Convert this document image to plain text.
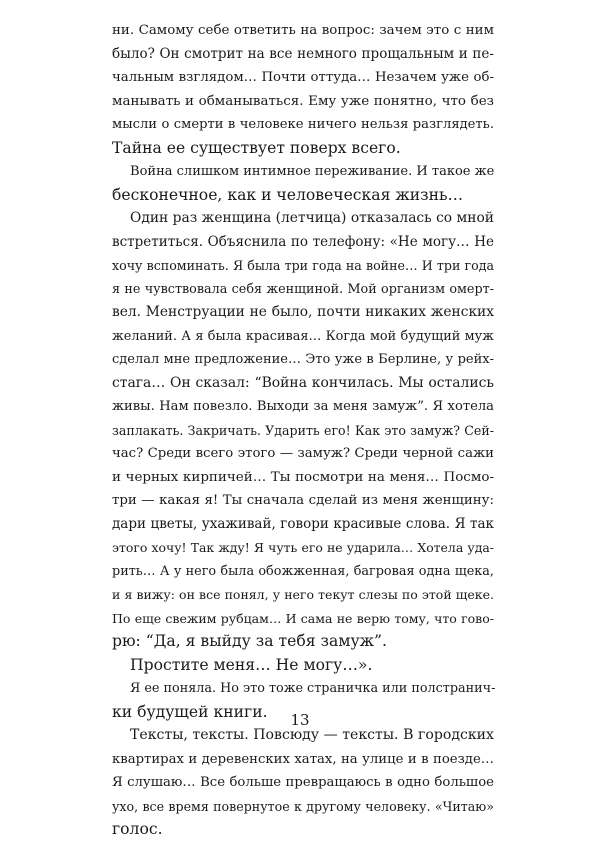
ни. Самому себе ответить на вопрос: зачем это с ним
было? Он смотрит на все немного прощальным и пе-
чальным взглядом… Почти оттуда… Незачем уже об-
манывать и обманываться. Ему уже понятно, что без
мысли о смерти в человеке ничего нельзя разглядеть.
Тайна ее существует поверх всего.
Война слишком интимное переживание. И такое же
бесконечное, как и человеческая жизнь…
Один раз женщина (летчица) отказалась со мной
встретиться. Объяснила по телефону: «Не могу… Не
хочу вспоминать. Я была три года на войне… И три года
я не чувствовала себя женщиной. Мой организм омерт-
вел. Менструации не было, почти никаких женских
желаний. А я была красивая… Когда мой будущий муж
сделал мне предложение… Это уже в Берлине, у рейх-
стага… Он сказал: “Война кончилась. Мы остались
живы. Нам повезло. Выходи за меня замуж”. Я хотела
заплакать. Закричать. Ударить его! Как это замуж? Сей-
час? Среди всего этого — замуж? Среди черной сажи
и черных кирпичей… Ты посмотри на меня… Посмо-
три — какая я! Ты сначала сделай из меня женщину:
дари цветы, ухаживай, говори красивые слова. Я так
этого хочу! Так жду! Я чуть его не ударила… Хотела уда-
рить… А у него была обожженная, багровая одна щека,
и я вижу: он все понял, у него текут слезы по этой щеке.
По еще свежим рубцам… И сама не верю тому, что гово-
рю: “Да, я выйду за тебя замуж”.
Простите меня… Не могу…».
Я ее поняла. Но это тоже страничка или полстранич-
ки будущей книги.
Тексты, тексты. Повсюду — тексты. В городских
квартирах и деревенских хатах, на улице и в поезде…
Я слушаю… Все больше превращаюсь в одно большое
ухо, все время повернутое к другому человеку. «Читаю»
голос.
13
